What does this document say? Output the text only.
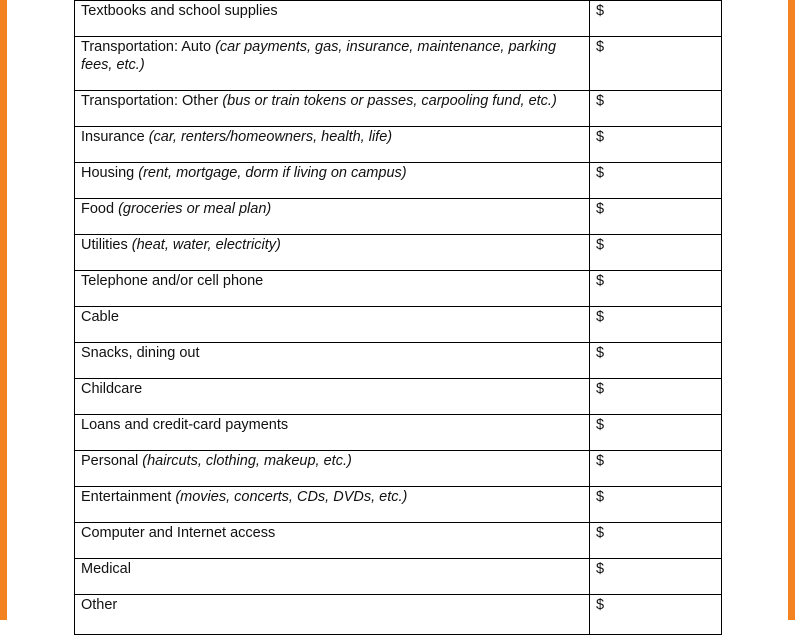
Textbooks and school supplies	$
Transportation: Auto (car payments, gas, insurance, maintenance, parking fees, etc.)	$
Transportation: Other (bus or train tokens or passes, carpooling fund, etc.)	$
Insurance (car, renters/homeowners, health, life)	$
Housing (rent, mortgage, dorm if living on campus)	$
Food (groceries or meal plan)	$
Utilities (heat, water, electricity)	$
Telephone and/or cell phone	$
Cable	$
Snacks, dining out	$
Childcare	$
Loans and credit-card payments	$
Personal (haircuts, clothing, makeup, etc.)	$
Entertainment (movies, concerts, CDs, DVDs, etc.)	$
Computer and Internet access	$
Medical	$
Other	$
